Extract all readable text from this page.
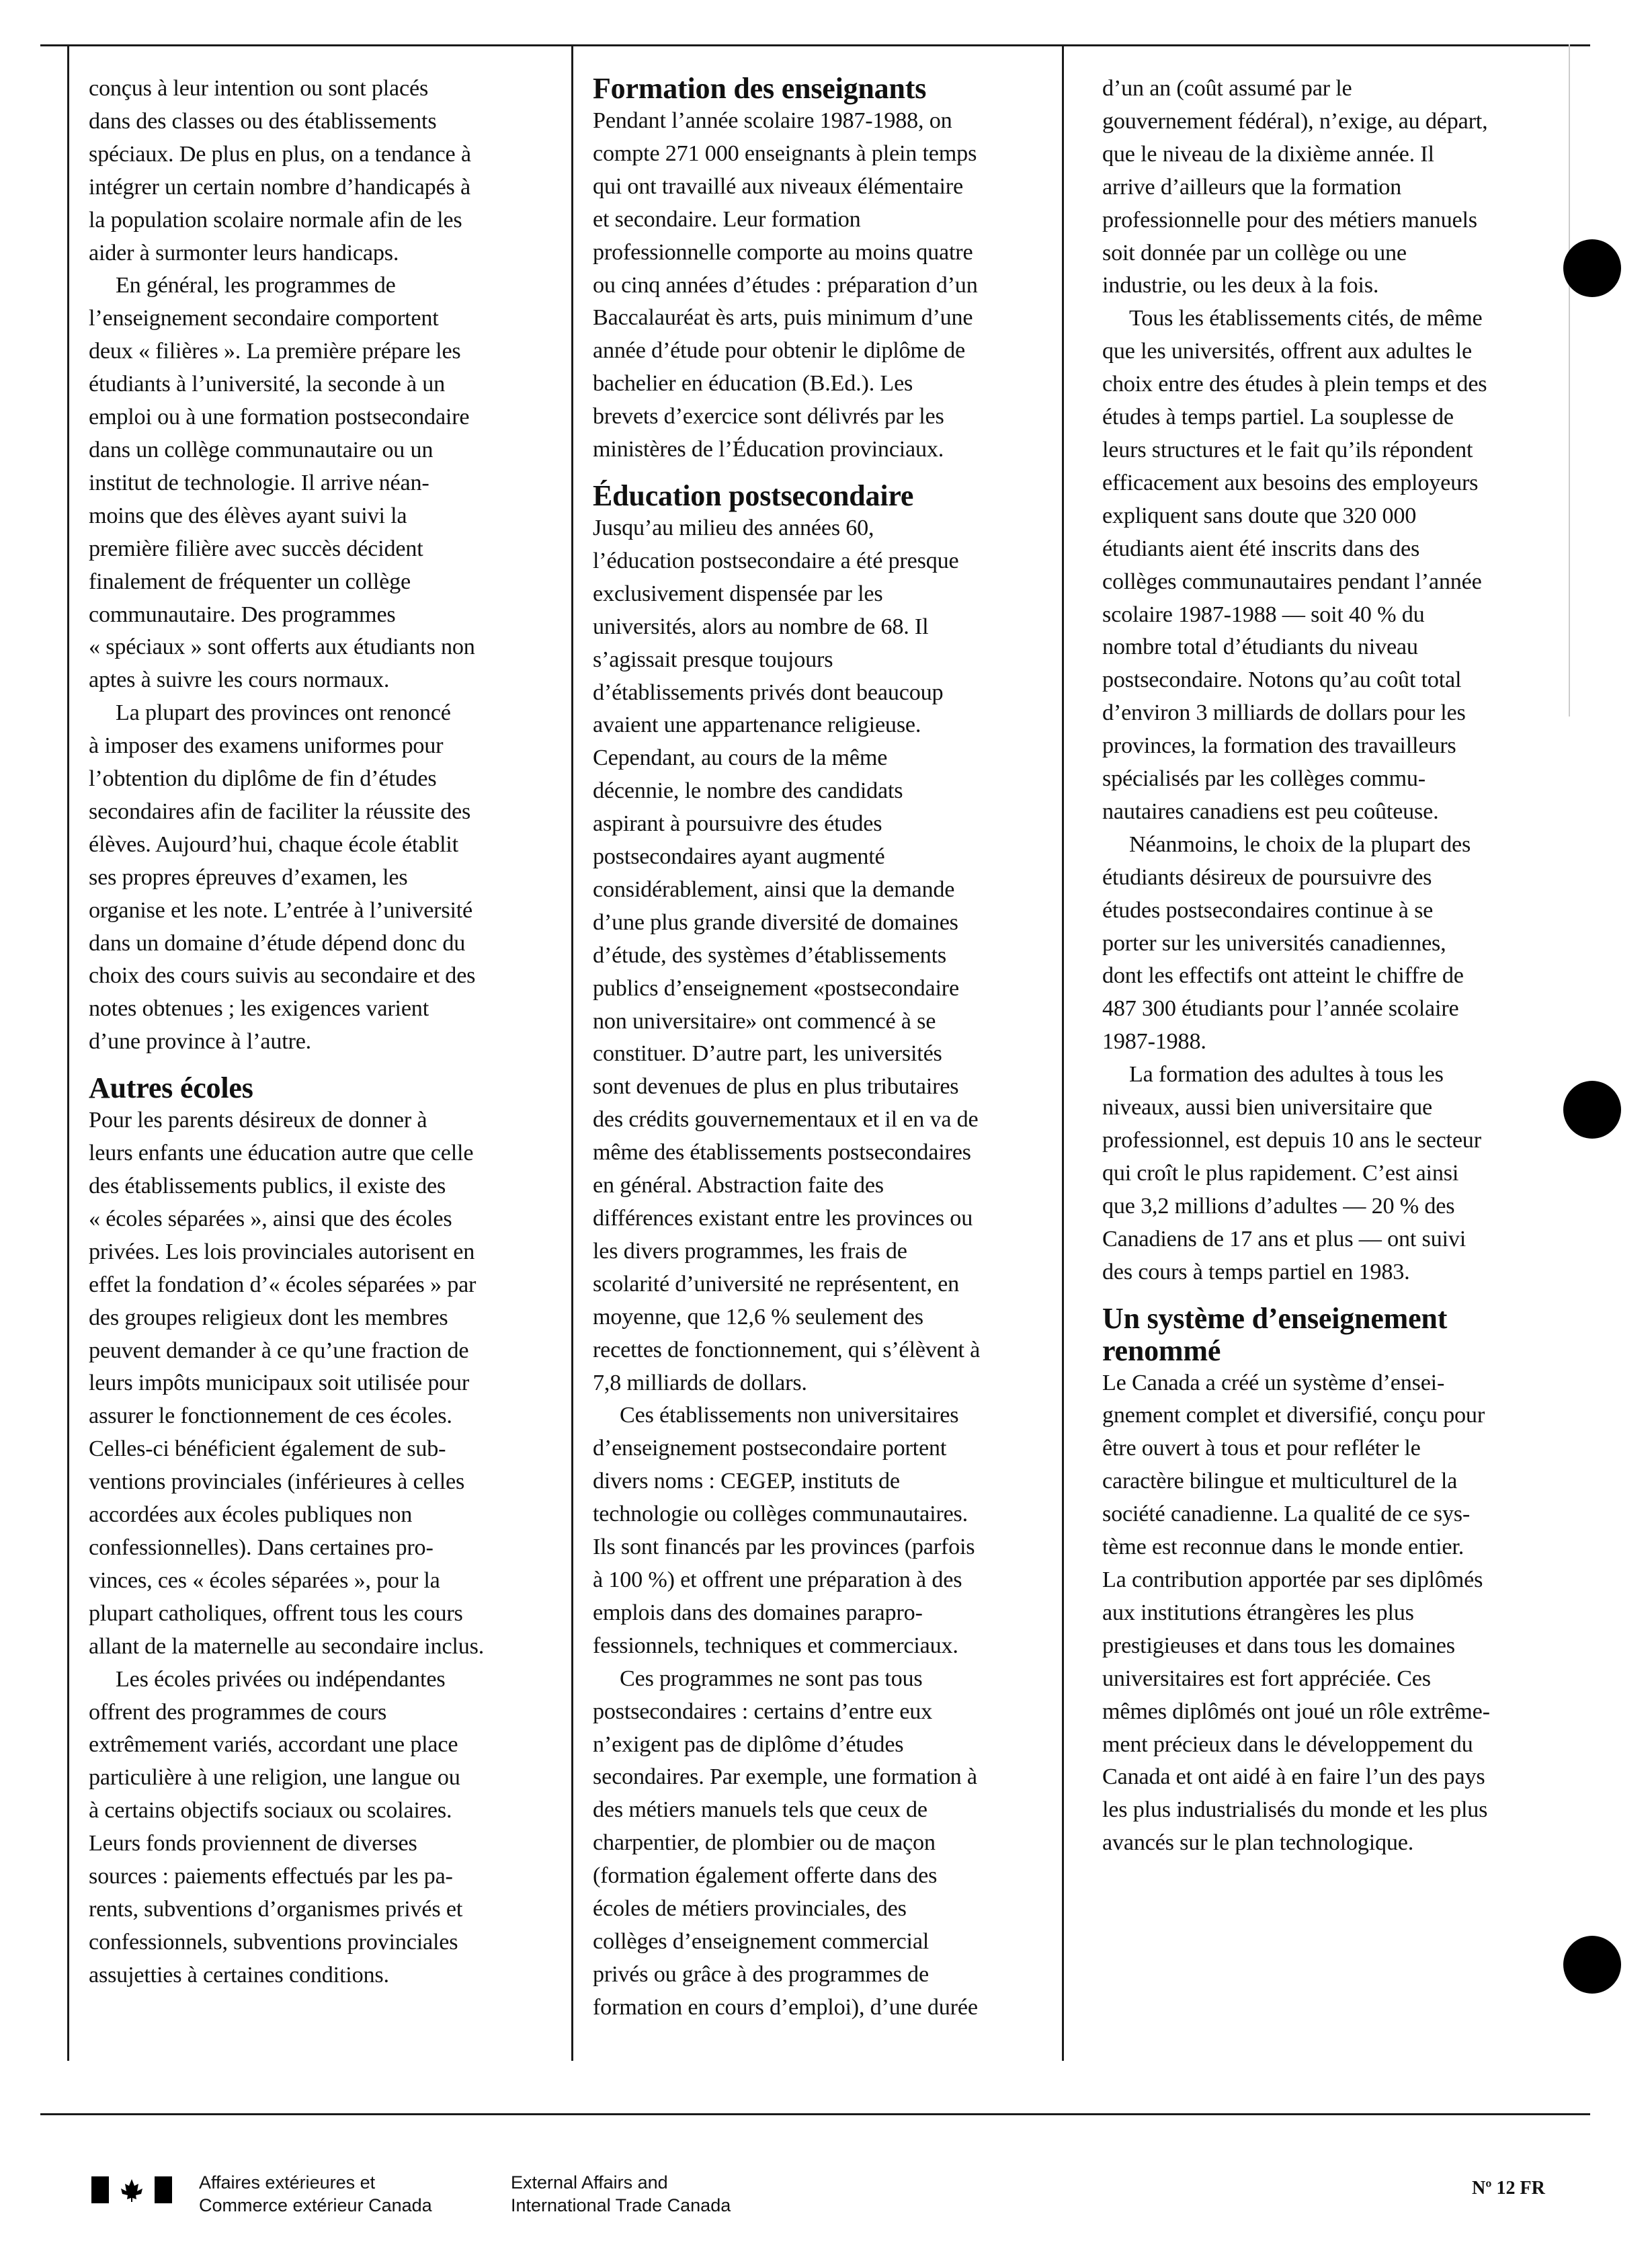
conçus à leur intention ou sont placés
dans des classes ou des établissements
spéciaux. De plus en plus, on a tendance à
intégrer un certain nombre d’handicapés à
la population scolaire normale afin de les
aider à surmonter leurs handicaps.

En général, les programmes de
l’enseignement secondaire comportent
deux « filières ». La première prépare les
étudiants à l’université, la seconde à un
emploi ou à une formation postsecondaire
dans un collège communautaire ou un
institut de technologie. Il arrive néan-
moins que des élèves ayant suivi la
première filière avec succès décident
finalement de fréquenter un collège
communautaire. Des programmes
« spéciaux » sont offerts aux étudiants non
aptes à suivre les cours normaux.

La plupart des provinces ont renoncé
à imposer des examens uniformes pour
l’obtention du diplôme de fin d’études
secondaires afin de faciliter la réussite des
élèves. Aujourd’hui, chaque école établit
ses propres épreuves d’examen, les
organise et les note. L’entrée à l’université
dans un domaine d’étude dépend donc du
choix des cours suivis au secondaire et des
notes obtenues ; les exigences varient
d’une province à l’autre.

Autres écoles

Pour les parents désireux de donner à
leurs enfants une éducation autre que celle
des établissements publics, il existe des
« écoles séparées », ainsi que des écoles
privées. Les lois provinciales autorisent en
effet la fondation d’« écoles séparées » par
des groupes religieux dont les membres
peuvent demander à ce qu’une fraction de
leurs impôts municipaux soit utilisée pour
assurer le fonctionnement de ces écoles.
Celles-ci bénéficient également de sub-
ventions provinciales (inférieures à celles
accordées aux écoles publiques non
confessionnelles). Dans certaines pro-
vinces, ces « écoles séparées », pour la
plupart catholiques, offrent tous les cours
allant de la maternelle au secondaire inclus.

Les écoles privées ou indépendantes
offrent des programmes de cours
extrêmement variés, accordant une place
particulière à une religion, une langue ou
à certains objectifs sociaux ou scolaires.
Leurs fonds proviennent de diverses
sources : paiements effectués par les pa-
rents, subventions d’organismes privés et
confessionnels, subventions provinciales
assujetties à certaines conditions.

Formation des enseignants

Pendant l’année scolaire 1987-1988, on
compte 271 000 enseignants à plein temps
qui ont travaillé aux niveaux élémentaire
et secondaire. Leur formation
professionnelle comporte au moins quatre
ou cinq années d’études : préparation d’un
Baccalauréat ès arts, puis minimum d’une
année d’étude pour obtenir le diplôme de
bachelier en éducation (B.Ed.). Les
brevets d’exercice sont délivrés par les
ministères de l’Éducation provinciaux.

Éducation postsecondaire

Jusqu’au milieu des années 60,
l’éducation postsecondaire a été presque
exclusivement dispensée par les
universités, alors au nombre de 68. Il
s’agissait presque toujours
d’établissements privés dont beaucoup
avaient une appartenance religieuse.
Cependant, au cours de la même
décennie, le nombre des candidats
aspirant à poursuivre des études
postsecondaires ayant augmenté
considérablement, ainsi que la demande
d’une plus grande diversité de domaines
d’étude, des systèmes d’établissements
publics d’enseignement «postsecondaire
non universitaire» ont commencé à se
constituer. D’autre part, les universités
sont devenues de plus en plus tributaires
des crédits gouvernementaux et il en va de
même des établissements postsecondaires
en général. Abstraction faite des
différences existant entre les provinces ou
les divers programmes, les frais de
scolarité d’université ne représentent, en
moyenne, que 12,6 % seulement des
recettes de fonctionnement, qui s’élèvent à
7,8 milliards de dollars.

Ces établissements non universitaires
d’enseignement postsecondaire portent
divers noms : CEGEP, instituts de
technologie ou collèges communautaires.
Ils sont financés par les provinces (parfois
à 100 %) et offrent une préparation à des
emplois dans des domaines parapro-
fessionnels, techniques et commerciaux.

Ces programmes ne sont pas tous
postsecondaires : certains d’entre eux
n’exigent pas de diplôme d’études
secondaires. Par exemple, une formation à
des métiers manuels tels que ceux de
charpentier, de plombier ou de maçon
(formation également offerte dans des
écoles de métiers provinciales, des
collèges d’enseignement commercial
privés ou grâce à des programmes de
formation en cours d’emploi), d’une durée

d’un an (coût assumé par le
gouvernement fédéral), n’exige, au départ,
que le niveau de la dixième année. Il
arrive d’ailleurs que la formation
professionnelle pour des métiers manuels
soit donnée par un collège ou une
industrie, ou les deux à la fois.

Tous les établissements cités, de même
que les universités, offrent aux adultes le
choix entre des études à plein temps et des
études à temps partiel. La souplesse de
leurs structures et le fait qu’ils répondent
efficacement aux besoins des employeurs
expliquent sans doute que 320 000
étudiants aient été inscrits dans des
collèges communautaires pendant l’année
scolaire 1987-1988 — soit 40 % du
nombre total d’étudiants du niveau
postsecondaire. Notons qu’au coût total
d’environ 3 milliards de dollars pour les
provinces, la formation des travailleurs
spécialisés par les collèges commu-
nautaires canadiens est peu coûteuse.

Néanmoins, le choix de la plupart des
étudiants désireux de poursuivre des
études postsecondaires continue à se
porter sur les universités canadiennes,
dont les effectifs ont atteint le chiffre de
487 300 étudiants pour l’année scolaire
1987-1988.

La formation des adultes à tous les
niveaux, aussi bien universitaire que
professionnel, est depuis 10 ans le secteur
qui croît le plus rapidement. C’est ainsi
que 3,2 millions d’adultes — 20 % des
Canadiens de 17 ans et plus — ont suivi
des cours à temps partiel en 1983.

Un système d’enseignement
renommé

Le Canada a créé un système d’ensei-
gnement complet et diversifié, conçu pour
être ouvert à tous et pour refléter le
caractère bilingue et multiculturel de la
société canadienne. La qualité de ce sys-
tème est reconnue dans le monde entier.
La contribution apportée par ses diplômés
aux institutions étrangères les plus
prestigieuses et dans tous les domaines
universitaires est fort appréciée. Ces
mêmes diplômés ont joué un rôle extrême-
ment précieux dans le développement du
Canada et ont aidé à en faire l’un des pays
les plus industrialisés du monde et les plus
avancés sur le plan technologique.

Affaires extérieures et
Commerce extérieur Canada
External Affairs and
International Trade Canada
Nº 12 FR
